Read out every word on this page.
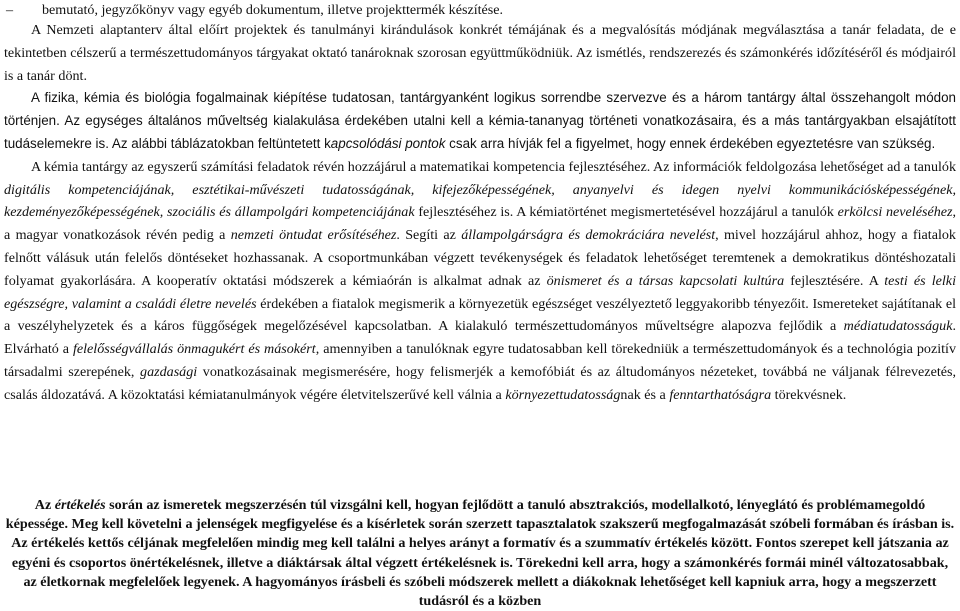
– bemutató, jegyzőkönyv vagy egyéb dokumentum, illetve projekttermék készítése.

A Nemzeti alaptanterv által előírt projektek és tanulmányi kirándulások konkrét témájának és a megvalósítás módjának megválasztása a tanár feladata, de e tekintetben célszerű a természettudományos tárgyakat oktató tanároknak szorosan együttműködniük. Az ismétlés, rendszerezés és számonkérés időzítéséről és módjairól is a tanár dönt.

A fizika, kémia és biológia fogalmainak kiépítése tudatosan, tantárgyanként logikus sorrendbe szervezve és a három tantárgy által összehangolt módon történjen. Az egységes általános műveltség kialakulása érdekében utalni kell a kémia-tananyag történeti vonatkozásaira, és a más tantárgyakban elsajátított tudáselemekre is. Az alábbi táblázatokban feltüntetett kapcsolódási pontok csak arra hívják fel a figyelmet, hogy ennek érdekében egyeztetésre van szükség.

A kémia tantárgy az egyszerű számítási feladatok révén hozzájárul a matematikai kompetencia fejlesztéséhez. Az információk feldolgozása lehetőséget ad a tanulók digitális kompetenciájának, esztétikai-művészeti tudatosságának, kifejezőképességének, anyanyelvi és idegen nyelvi kommunikációsképességének, kezdeményezőképességének, szociális és állampolgári kompetenciájának fejlesztéséhez is. A kémiatörténet megismertetésével hozzájárul a tanulók erkölcsi neveléséhez, a magyar vonatkozások révén pedig a nemzeti öntudat erősítéséhez. Segíti az állampolgárságra és demokráciára nevelést, mivel hozzájárul ahhoz, hogy a fiatalok felnőtt válásuk után felelős döntéseket hozhassanak. A csoportmunkában végzett tevékenységek és feladatok lehetőséget teremtenek a demokratikus döntéshozatali folyamat gyakorlására. A kooperatív oktatási módszerek a kémiaórán is alkalmat adnak az önismeret és a társas kapcsolati kultúra fejlesztésére. A testi és lelki egészségre, valamint a családi életre nevelés érdekében a fiatalok megismerik a környezetük egészséget veszélyeztető leggyakoribb tényezőit. Ismereteket sajátítanak el a veszélyhelyzetek és a káros függőségek megelőzésével kapcsolatban. A kialakuló természettudományos műveltségre alapozva fejlődik a médiatudatosságuk. Elvárható a felelősségvállalás önmagukért és másokért, amennyiben a tanulóknak egyre tudatosabban kell törekedniük a természettudományok és a technológia pozitív társadalmi szerepének, gazdasági vonatkozásainak megismerésére, hogy felismerjék a kemofóbiát és az áltudományos nézeteket, továbbá ne váljanak félrevezetés, csalás áldozatává. A közoktatási kémiatanulmányok végére életvitelszerűvé kell válnia a környezettudatosságnak és a fenntarthatóságra törekvésnek.

Az értékelés során az ismeretek megszerzésén túl vizsgálni kell, hogyan fejlődött a tanuló absztrakciós, modellalkotó, lényeglátó és problémamegoldó képessége. Meg kell követelni a jelenségek megfigyelése és a kísérletek során szerzett tapasztalatok szakszerű megfogalmazását szóbeli formában és írásban is. Az értékelés kettős céljának megfelelően mindig meg kell találni a helyes arányt a formatív és a szummatív értékelés között. Fontos szerepet kell játszania az egyéni és csoportos önértékelésnek, illetve a diáktársak által végzett értékelésnek is. Törekedni kell arra, hogy a számonkérés formái minél változatosabbak, az életkornak megfelelőek legyenek. A hagyományos írásbeli és szóbeli módszerek mellett a diákoknak lehetőséget kell kapniuk arra, hogy a megszerzett tudásról és a közben
